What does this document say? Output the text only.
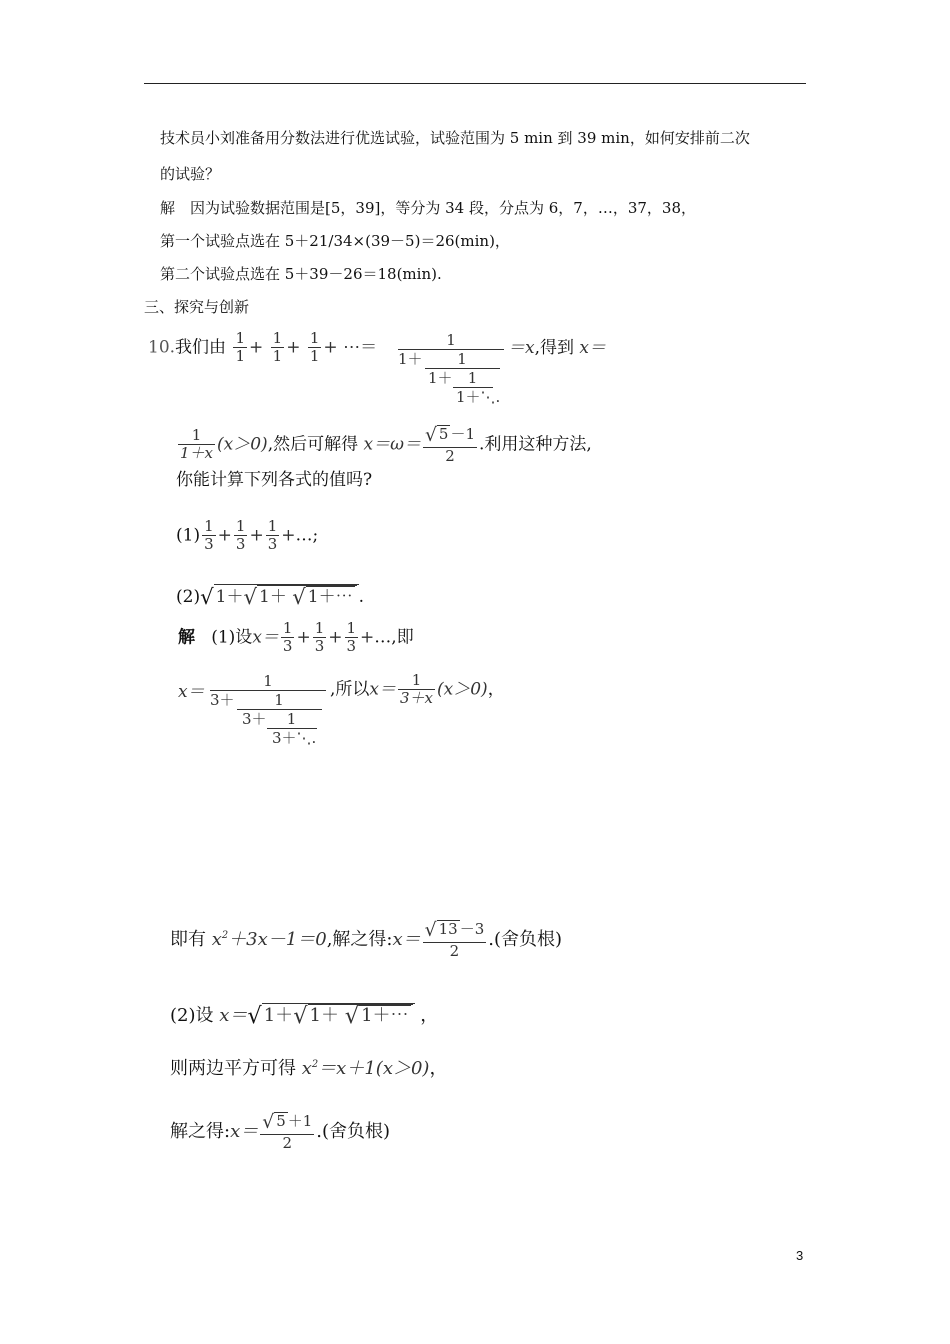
技术员小刘准备用分数法进行优选试验，试验范围为 5 min 到 39 min，如何安排前二次
的试验？
解　因为试验数据范围是[5，39]，等分为 34 段，分点为 6，7，…，37，38，
第一个试验点选在 5＋21/34×(39－5)＝26(min)，
第二个试验点选在 5＋39－26＝18(min).
三、探究与创新
10.我们由 $\frac{1}{1} + \frac{1}{1} + \frac{1}{1}$ + ⋯＝	1
1＋ 1
1＋ 1
1＋⋱.
＝x,得到 x＝
$\frac{1}{1+x} (x>0)$,然后可解得 $x=\omega= \frac{√ 5 -1}{2}$ .利用这种方法,
你能计算下列各式的值吗?
$(1) \frac{1}{3} + \frac{1}{3} + \frac{1}{3}$ +…;
(2)√ 1＋√ 1＋ √ 1＋⋯ .
解 (1)设$x= \frac{1}{3} + \frac{1}{3} + \frac{1}{3}$ +…,即
x＝
1
3＋	1
3＋ 1
3＋⋱.
,所以$x= \frac{1}{3+x} (x>0)$，
即有 $x^2+3x-1=0$,解之得:x＝ $\frac{√ 13 -3}{2}$ .(舍负根)
(2)设 x＝√ 1＋√ 1＋ √ 1＋⋯ ，
则两边平方可得 $x^2=x+1(x>0)$，
解之得:x＝ $\frac{√ 5 +1}{2}$ .(舍负根)
3
